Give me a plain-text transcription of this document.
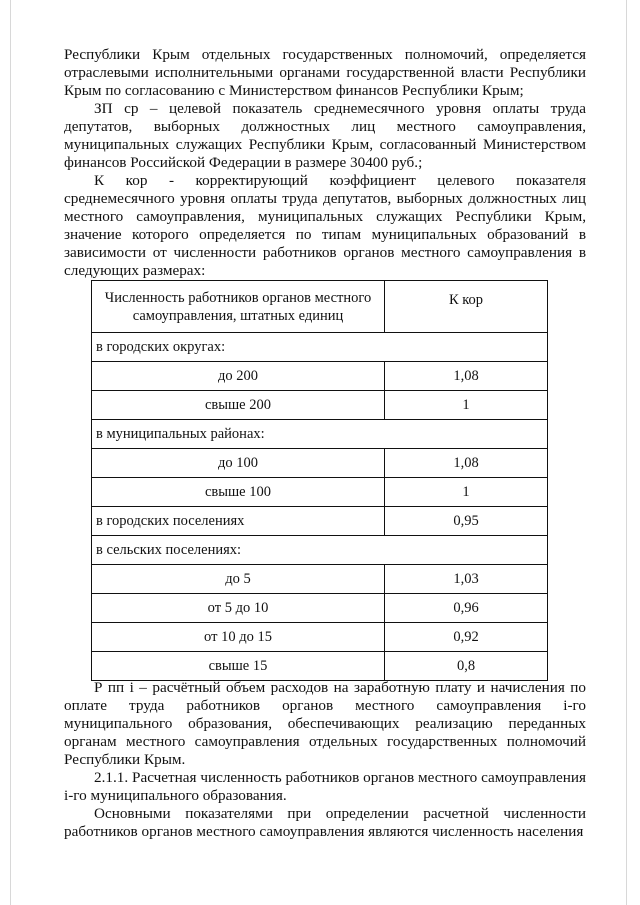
Республики Крым отдельных государственных полномочий, определяется отраслевыми исполнительными органами государственной власти Республики Крым по согласованию с Министерством финансов Республики Крым;

ЗП ср – целевой показатель среднемесячного уровня оплаты труда депутатов, выборных должностных лиц местного самоуправления, муниципальных служащих Республики Крым, согласованный Министерством финансов Российской Федерации в размере 30400 руб.;

К кор - корректирующий коэффициент целевого показателя среднемесячного уровня оплаты труда депутатов, выборных должностных лиц местного самоуправления, муниципальных служащих Республики Крым, значение которого определяется по типам муниципальных образований в зависимости от численности работников органов местного самоуправления в следующих размерах:

Численность работников органов местного самоуправления, штатных единиц	К кор
в городских округах:	
до 200	1,08
свыше 200	1
в муниципальных районах:	
до 100	1,08
свыше 100	1
в городских поселениях	0,95
в сельских поселениях:	
до 5	1,03
от 5 до 10	0,96
от 10 до 15	0,92
свыше 15	0,8

Р пп i – расчётный объем расходов на заработную плату и начисления по оплате труда работников органов местного самоуправления i-го муниципального образования, обеспечивающих реализацию переданных органам местного самоуправления отдельных государственных полномочий Республики Крым.

2.1.1. Расчетная численность работников органов местного самоуправления i-го муниципального образования.

Основными показателями при определении расчетной численности работников органов местного самоуправления являются численность населения
